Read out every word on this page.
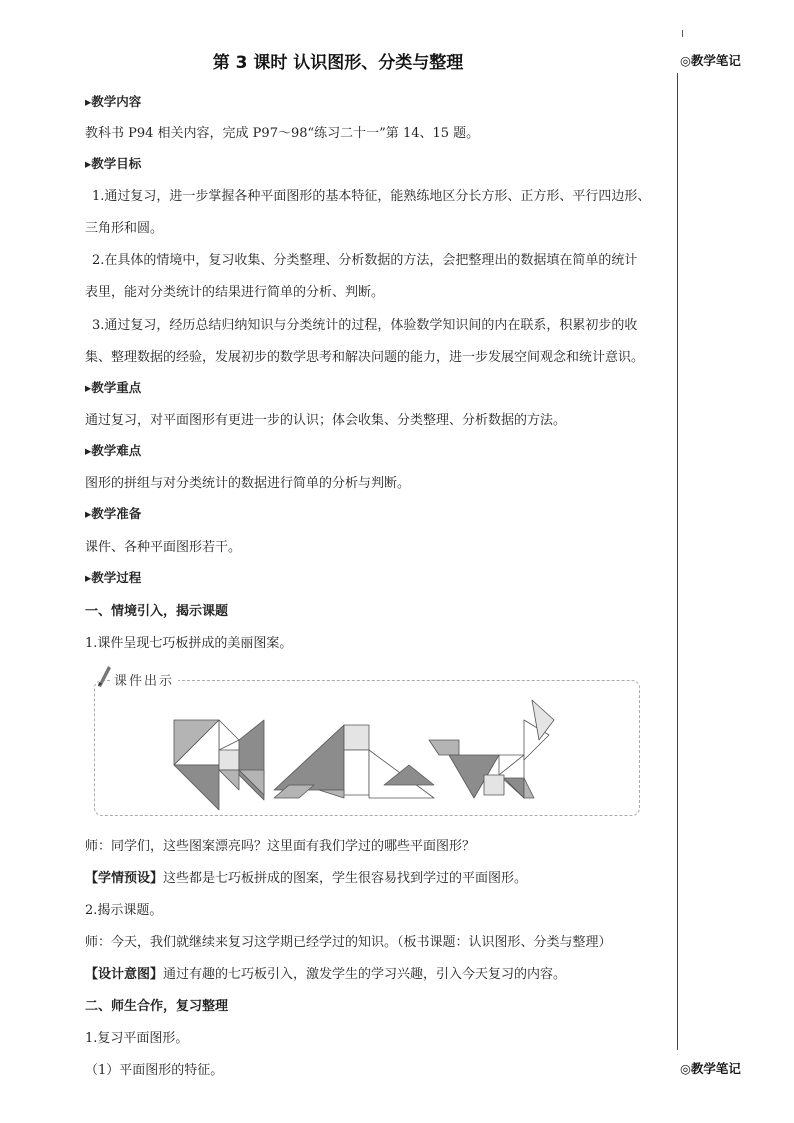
第 3 课时 认识图形、分类与整理	◎教学笔记
◎教学笔记
▸教学内容
教科书 P94 相关内容，完成 P97～98“练习二十一”第 14、15 题。
▸教学目标
1.通过复习，进一步掌握各种平面图形的基本特征，能熟练地区分长方形、正方形、平行四边形、
三角形和圆。
2.在具体的情境中，复习收集、分类整理、分析数据的方法，会把整理出的数据填在简单的统计
表里，能对分类统计的结果进行简单的分析、判断。
3.通过复习，经历总结归纳知识与分类统计的过程，体验数学知识间的内在联系，积累初步的收
集、整理数据的经验，发展初步的数学思考和解决问题的能力，进一步发展空间观念和统计意识。
▸教学重点
通过复习，对平面图形有更进一步的认识；体会收集、分类整理、分析数据的方法。
▸教学难点
图形的拼组与对分类统计的数据进行简单的分析与判断。
▸教学准备
课件、各种平面图形若干。
▸教学过程
一、情境引入，揭示课题
1.课件呈现七巧板拼成的美丽图案。
课件出示
师：同学们，这些图案漂亮吗？这里面有我们学过的哪些平面图形？
【学情预设】这些都是七巧板拼成的图案，学生很容易找到学过的平面图形。
2.揭示课题。
师：今天，我们就继续来复习这学期已经学过的知识。（板书课题：认识图形、分类与整理）
【设计意图】通过有趣的七巧板引入，激发学生的学习兴趣，引入今天复习的内容。
二、师生合作，复习整理
1.复习平面图形。
（1）平面图形的特征。
